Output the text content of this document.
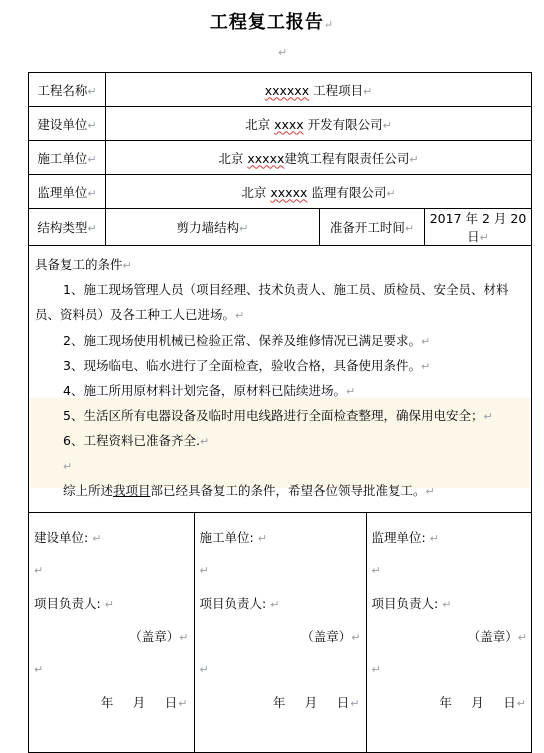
工程复工报告↵
↵
工程名称↵	xxxxxx 工程项目↵
建设单位↵	北京 xxxx 开发有限公司↵
施工单位↵	北京 xxxxx建筑工程有限责任公司↵
监理单位↵	北京 xxxxx 监理有限公司↵
结构类型↵	剪力墙结构↵	准备开工时间↵	2017 年 2 月 20 日↵

具备复工的条件↵
1、施工现场管理人员（项目经理、技术负责人、施工员、质检员、安全员、材料员、资料员）及各工种工人已进场。↵
2、施工现场使用机械已检验正常、保养及维修情况已满足要求。↵
3、现场临电、临水进行了全面检查，验收合格，具备使用条件。↵
4、施工所用原材料计划完备，原材料已陆续进场。↵
5、生活区所有电器设备及临时用电线路进行全面检查整理，确保用电安全；↵
6、工程资料已准备齐全.↵
↵
综上所述我项目部已经具备复工的条件，希望各位领导批准复工。↵

建设单位: ↵
↵
项目负责人: ↵
（盖章）↵
↵
年　 月　 日↵

施工单位: ↵
↵
项目负责人: ↵
（盖章）↵
↵
年　 月　 日↵

监理单位: ↵
↵
项目负责人: ↵
（盖章）↵
↵
年　 月　 日↵
